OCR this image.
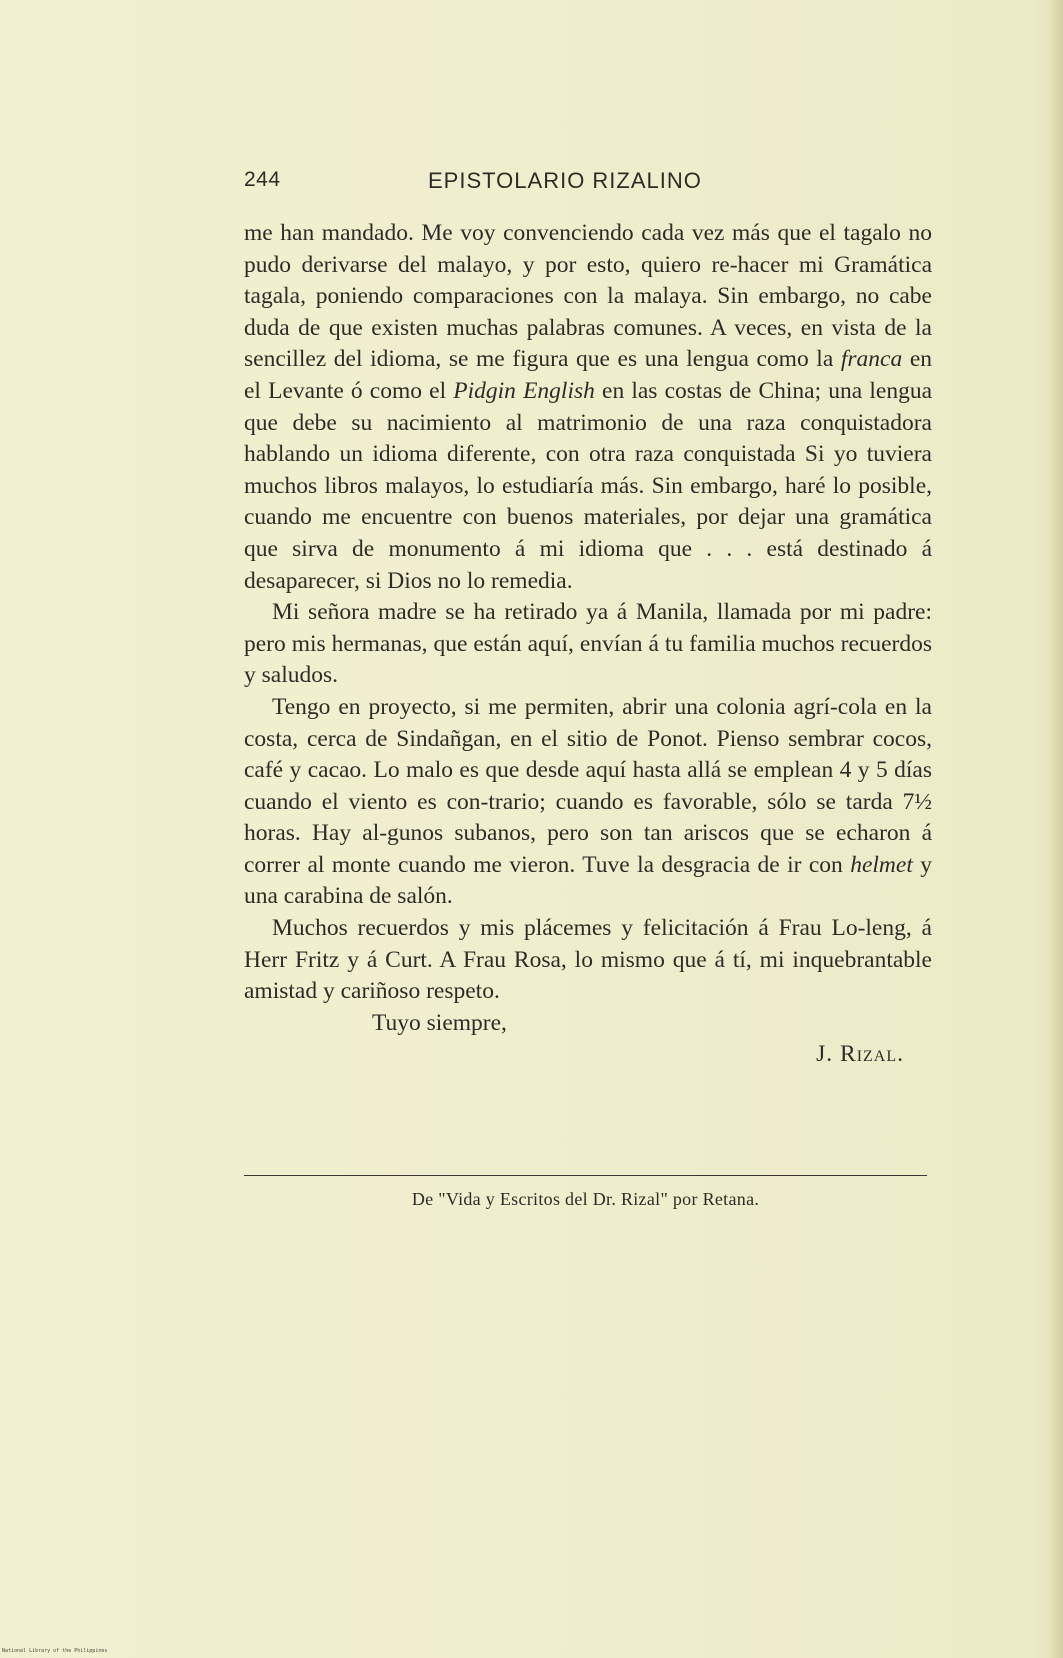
244	EPISTOLARIO RIZALINO

me han mandado. Me voy convenciendo cada vez más que el tagalo no pudo derivarse del malayo, y por esto, quiero re-hacer mi Gramática tagala, poniendo comparaciones con la malaya. Sin embargo, no cabe duda de que existen muchas palabras comunes. A veces, en vista de la sencillez del idioma, se me figura que es una lengua como la franca en el Levante ó como el Pidgin English en las costas de China; una lengua que debe su nacimiento al matrimonio de una raza conquistadora hablando un idioma diferente, con otra raza conquistada Si yo tuviera muchos libros malayos, lo estudiaría más. Sin embargo, haré lo posible, cuando me encuentre con buenos materiales, por dejar una gramática que sirva de monumento á mi idioma que . . . está destinado á desaparecer, si Dios no lo remedia.

Mi señora madre se ha retirado ya á Manila, llamada por mi padre: pero mis hermanas, que están aquí, envían á tu familia muchos recuerdos y saludos.

Tengo en proyecto, si me permiten, abrir una colonia agrí-cola en la costa, cerca de Sindañgan, en el sitio de Ponot. Pienso sembrar cocos, café y cacao. Lo malo es que desde aquí hasta allá se emplean 4 y 5 días cuando el viento es con-trario; cuando es favorable, sólo se tarda 7½ horas. Hay al-gunos subanos, pero son tan ariscos que se echaron á correr al monte cuando me vieron. Tuve la desgracia de ir con helmet y una carabina de salón.

Muchos recuerdos y mis plácemes y felicitación á Frau Lo-leng, á Herr Fritz y á Curt. A Frau Rosa, lo mismo que á tí, mi inquebrantable amistad y cariñoso respeto.

Tuyo siempre,

J. Rizal.

De "Vida y Escritos del Dr. Rizal" por Retana.
National Library of the Philippines
